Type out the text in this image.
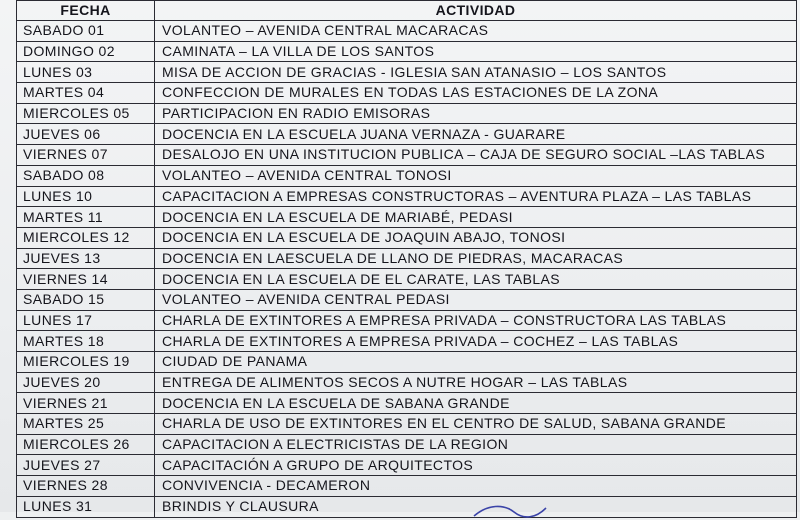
FECHA	ACTIVIDAD
SABADO 01	VOLANTEO – AVENIDA CENTRAL MACARACAS
DOMINGO 02	CAMINATA – LA VILLA DE LOS SANTOS
LUNES 03	MISA DE ACCION DE GRACIAS - IGLESIA SAN ATANASIO – LOS SANTOS
MARTES 04	CONFECCION DE MURALES EN TODAS LAS ESTACIONES DE LA ZONA
MIERCOLES 05	PARTICIPACION EN RADIO EMISORAS
JUEVES 06	DOCENCIA EN LA ESCUELA JUANA VERNAZA - GUARARE
VIERNES 07	DESALOJO EN UNA INSTITUCION PUBLICA – CAJA DE SEGURO SOCIAL –LAS TABLAS
SABADO 08	VOLANTEO – AVENIDA CENTRAL TONOSI
LUNES 10	CAPACITACION A EMPRESAS CONSTRUCTORAS – AVENTURA PLAZA – LAS TABLAS
MARTES 11	DOCENCIA EN LA ESCUELA DE MARIABÉ, PEDASI
MIERCOLES 12	DOCENCIA EN LA ESCUELA DE JOAQUIN ABAJO, TONOSI
JUEVES 13	DOCENCIA EN LAESCUELA DE LLANO DE PIEDRAS, MACARACAS
VIERNES 14	DOCENCIA EN LA ESCUELA DE EL CARATE, LAS TABLAS
SABADO 15	VOLANTEO – AVENIDA CENTRAL PEDASI
LUNES 17	CHARLA DE EXTINTORES A EMPRESA PRIVADA – CONSTRUCTORA LAS TABLAS
MARTES 18	CHARLA DE EXTINTORES A EMPRESA PRIVADA – COCHEZ – LAS TABLAS
MIERCOLES 19	CIUDAD DE PANAMA
JUEVES 20	ENTREGA DE ALIMENTOS SECOS A NUTRE HOGAR – LAS TABLAS
VIERNES 21	DOCENCIA EN LA ESCUELA DE SABANA GRANDE
MARTES 25	CHARLA DE USO DE EXTINTORES EN EL CENTRO DE SALUD, SABANA GRANDE
MIERCOLES 26	CAPACITACION A ELECTRICISTAS DE LA REGION
JUEVES 27	CAPACITACIÓN A GRUPO DE ARQUITECTOS
VIERNES 28	CONVIVENCIA - DECAMERON
LUNES 31	BRINDIS Y CLAUSURA
